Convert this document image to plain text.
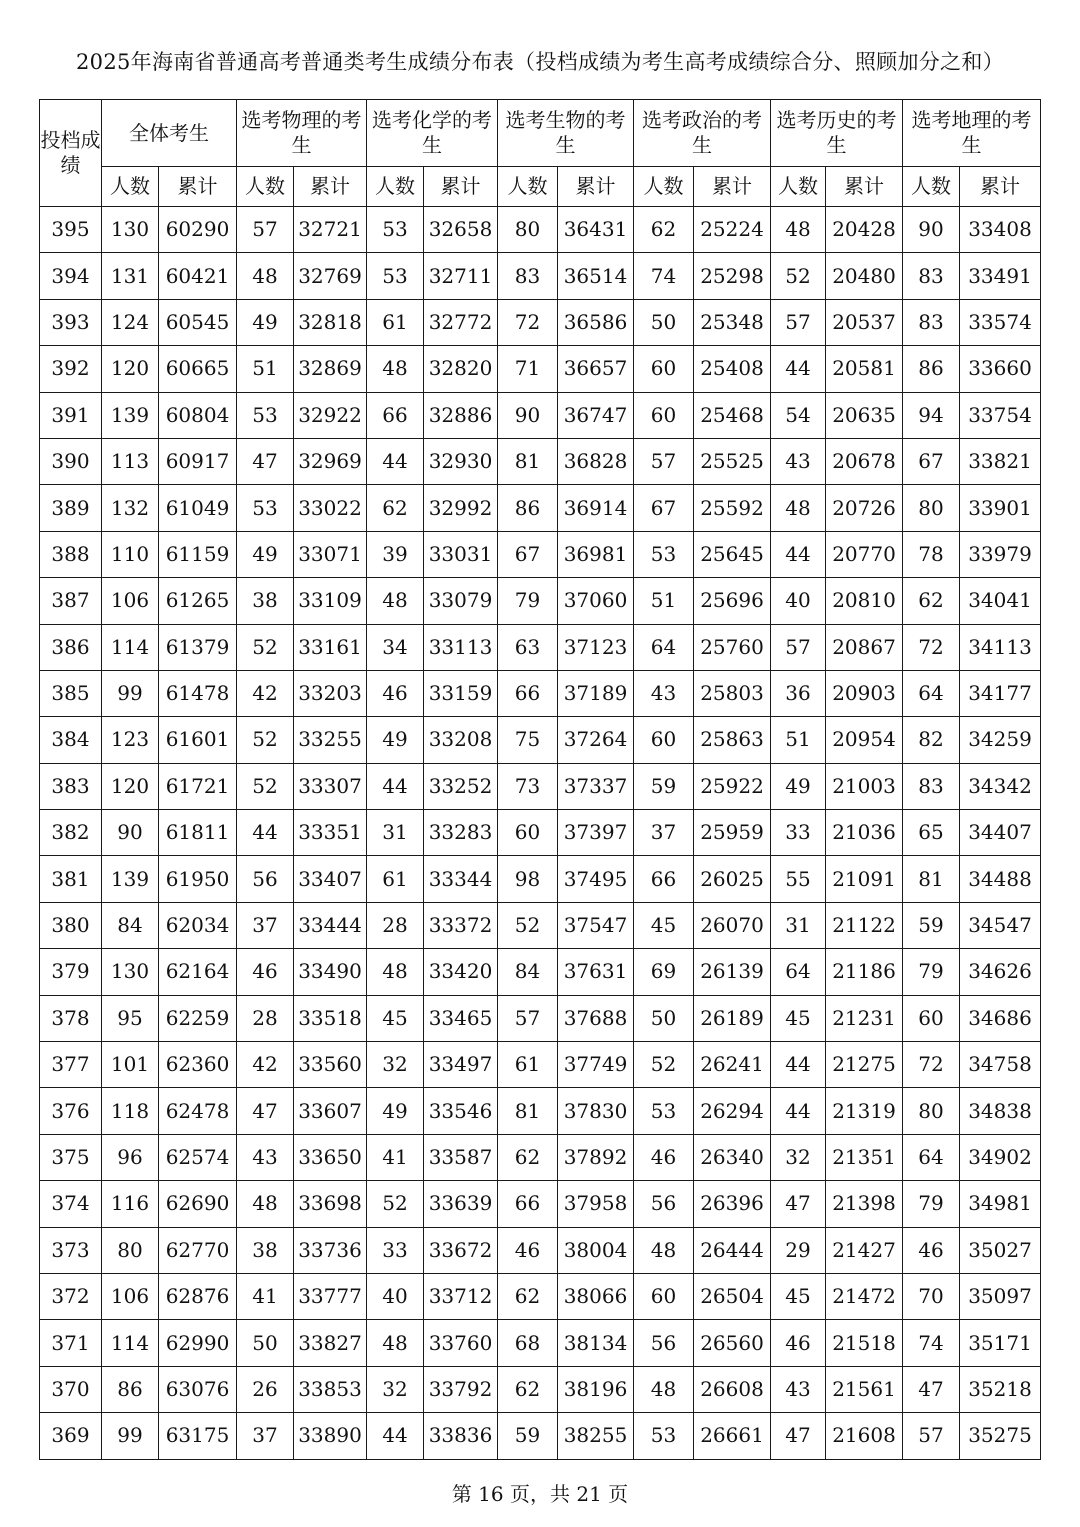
2025年海南省普通高考普通类考生成绩分布表（投档成绩为考生高考成绩综合分、照顾加分之和）
投档成绩	全体考生		选考物理的考生		选考化学的考生		选考生物的考生		选考政治的考生		选考历史的考生		选考地理的考生	
	人数	累计	人数	累计	人数	累计	人数	累计	人数	累计	人数	累计	人数	累计
395	130	60290	57	32721	53	32658	80	36431	62	25224	48	20428	90	33408
394	131	60421	48	32769	53	32711	83	36514	74	25298	52	20480	83	33491
393	124	60545	49	32818	61	32772	72	36586	50	25348	57	20537	83	33574
392	120	60665	51	32869	48	32820	71	36657	60	25408	44	20581	86	33660
391	139	60804	53	32922	66	32886	90	36747	60	25468	54	20635	94	33754
390	113	60917	47	32969	44	32930	81	36828	57	25525	43	20678	67	33821
389	132	61049	53	33022	62	32992	86	36914	67	25592	48	20726	80	33901
388	110	61159	49	33071	39	33031	67	36981	53	25645	44	20770	78	33979
387	106	61265	38	33109	48	33079	79	37060	51	25696	40	20810	62	34041
386	114	61379	52	33161	34	33113	63	37123	64	25760	57	20867	72	34113
385	99	61478	42	33203	46	33159	66	37189	43	25803	36	20903	64	34177
384	123	61601	52	33255	49	33208	75	37264	60	25863	51	20954	82	34259
383	120	61721	52	33307	44	33252	73	37337	59	25922	49	21003	83	34342
382	90	61811	44	33351	31	33283	60	37397	37	25959	33	21036	65	34407
381	139	61950	56	33407	61	33344	98	37495	66	26025	55	21091	81	34488
380	84	62034	37	33444	28	33372	52	37547	45	26070	31	21122	59	34547
379	130	62164	46	33490	48	33420	84	37631	69	26139	64	21186	79	34626
378	95	62259	28	33518	45	33465	57	37688	50	26189	45	21231	60	34686
377	101	62360	42	33560	32	33497	61	37749	52	26241	44	21275	72	34758
376	118	62478	47	33607	49	33546	81	37830	53	26294	44	21319	80	34838
375	96	62574	43	33650	41	33587	62	37892	46	26340	32	21351	64	34902
374	116	62690	48	33698	52	33639	66	37958	56	26396	47	21398	79	34981
373	80	62770	38	33736	33	33672	46	38004	48	26444	29	21427	46	35027
372	106	62876	41	33777	40	33712	62	38066	60	26504	45	21472	70	35097
371	114	62990	50	33827	48	33760	68	38134	56	26560	46	21518	74	35171
370	86	63076	26	33853	32	33792	62	38196	48	26608	43	21561	47	35218
369	99	63175	37	33890	44	33836	59	38255	53	26661	47	21608	57	35275
第 16 页，共 21 页
